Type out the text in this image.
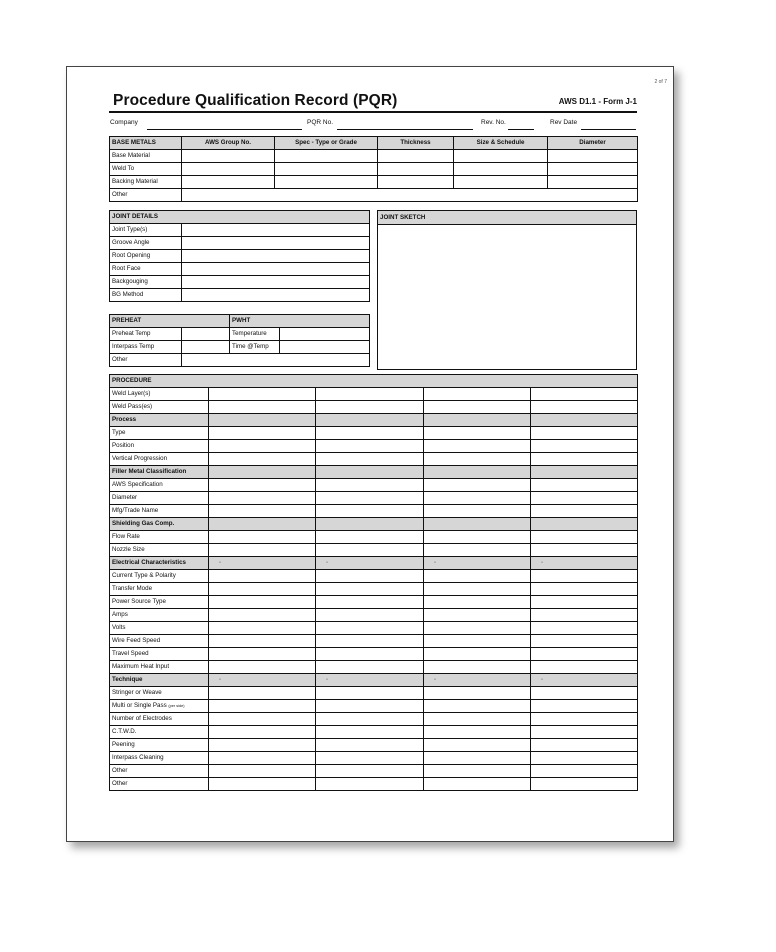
2 of 7
Procedure Qualification Record (PQR)	AWS D1.1 - Form J-1
Company	PQR No.	Rev. No.	Rev Date
BASE METALS	AWS Group No.	Spec - Type or Grade	Thickness	Size & Schedule	Diameter
Base Material					
Weld To					
Backing Material					
Other					
JOINT DETAILS	
Joint Type(s)	
Groove Angle	
Root Opening	
Root Face	
Backgouging	
BG Method	
PREHEAT		PWHT	
Preheat Temp		Temperature	
Interpass Temp		Time @Temp	
Other			
JOINT SKETCH
PROCEDURE				
Weld Layer(s)				
Weld Pass(es)				
Process				
Type				
Position				
Vertical Progression				
Filler Metal Classification				
AWS Specification				
Diameter				
Mfg/Trade Name				
Shielding Gas Comp.				
Flow Rate				
Nozzle Size				
Electrical Characteristics	-	-	-	-
Current Type & Polarity				
Transfer Mode				
Power Source Type				
Amps				
Volts				
Wire Feed Speed				
Travel Speed				
Maximum Heat Input				
Technique	-	-	-	-
Stringer or Weave				
Multi or Single Pass (per side)				
Number of Electrodes				
C.T.W.D.				
Peening				
Interpass Cleaning				
Other				
Other				
